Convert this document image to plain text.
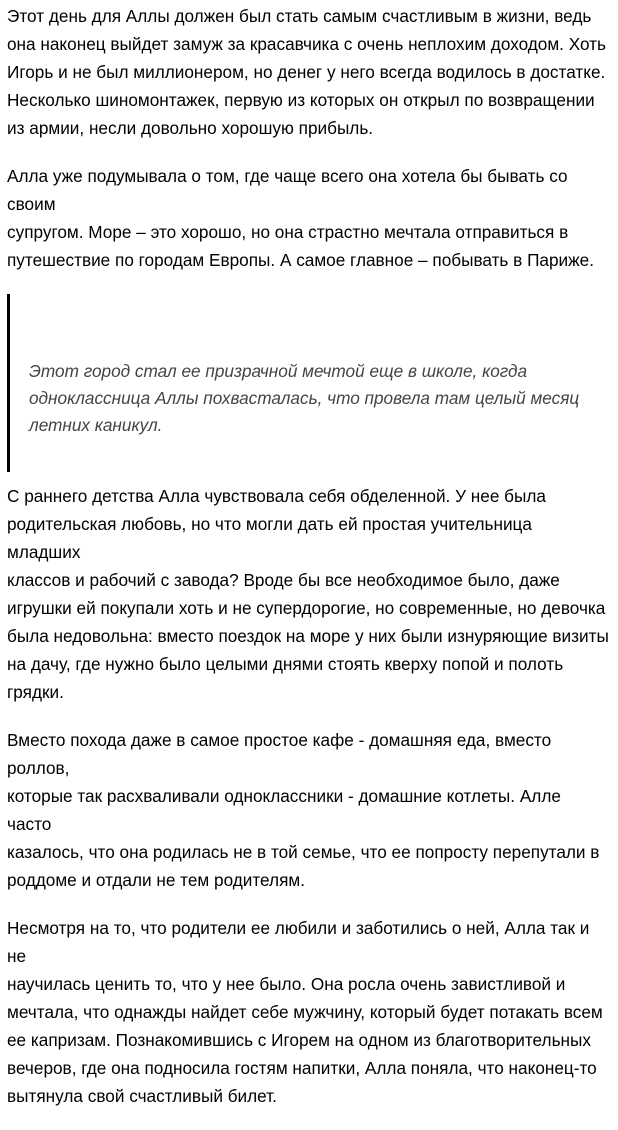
Этот день для Аллы должен был стать самым счастливым в жизни, ведь
она наконец выйдет замуж за красавчика с очень неплохим доходом. Хоть
Игорь и не был миллионером, но денег у него всегда водилось в достатке.
Несколько шиномонтажек, первую из которых он открыл по возвращении
из армии, несли довольно хорошую прибыль.

Алла уже подумывала о том, где чаще всего она хотела бы бывать со своим
супругом. Море – это хорошо, но она страстно мечтала отправиться в
путешествие по городам Европы. А самое главное – побывать в Париже.

Этот город стал ее призрачной мечтой еще в школе, когда
одноклассница Аллы похвасталась, что провела там целый месяц
летних каникул.

С раннего детства Алла чувствовала себя обделенной. У нее была
родительская любовь, но что могли дать ей простая учительница младших
классов и рабочий с завода? Вроде бы все необходимое было, даже
игрушки ей покупали хоть и не супердорогие, но современные, но девочка
была недовольна: вместо поездок на море у них были изнуряющие визиты
на дачу, где нужно было целыми днями стоять кверху попой и полоть
грядки.

Вместо похода даже в самое простое кафе - домашняя еда, вместо роллов,
которые так расхваливали одноклассники - домашние котлеты. Алле часто
казалось, что она родилась не в той семье, что ее попросту перепутали в
роддоме и отдали не тем родителям.

Несмотря на то, что родители ее любили и заботились о ней, Алла так и не
научилась ценить то, что у нее было. Она росла очень завистливой и
мечтала, что однажды найдет себе мужчину, который будет потакать всем
ее капризам. Познакомившись с Игорем на одном из благотворительных
вечеров, где она подносила гостям напитки, Алла поняла, что наконец-то
вытянула свой счастливый билет.
